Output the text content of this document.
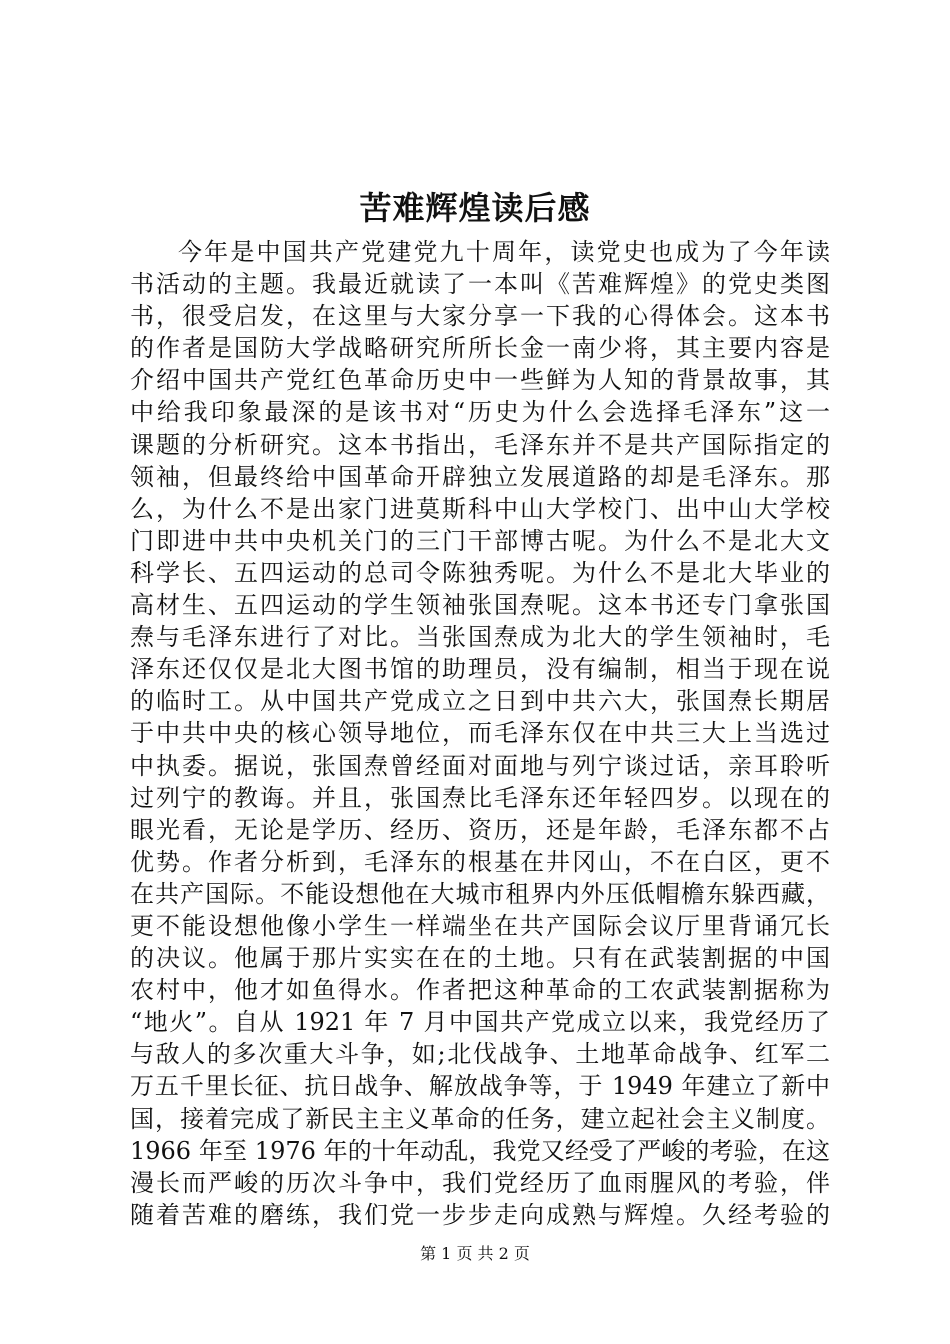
苦难辉煌读后感
今年是中国共产党建党九十周年，读党史也成为了今年读
书活动的主题。我最近就读了一本叫《苦难辉煌》的党史类图
书，很受启发，在这里与大家分享一下我的心得体会。这本书
的作者是国防大学战略研究所所长金一南少将，其主要内容是
介绍中国共产党红色革命历史中一些鲜为人知的背景故事，其
中给我印象最深的是该书对“历史为什么会选择毛泽东”这一
课题的分析研究。这本书指出，毛泽东并不是共产国际指定的
领袖，但最终给中国革命开辟独立发展道路的却是毛泽东。那
么，为什么不是出家门进莫斯科中山大学校门、出中山大学校
门即进中共中央机关门的三门干部博古呢。为什么不是北大文
科学长、五四运动的总司令陈独秀呢。为什么不是北大毕业的
高材生、五四运动的学生领袖张国焘呢。这本书还专门拿张国
焘与毛泽东进行了对比。当张国焘成为北大的学生领袖时，毛
泽东还仅仅是北大图书馆的助理员，没有编制，相当于现在说
的临时工。从中国共产党成立之日到中共六大，张国焘长期居
于中共中央的核心领导地位，而毛泽东仅在中共三大上当选过
中执委。据说，张国焘曾经面对面地与列宁谈过话，亲耳聆听
过列宁的教诲。并且，张国焘比毛泽东还年轻四岁。以现在的
眼光看，无论是学历、经历、资历，还是年龄，毛泽东都不占
优势。作者分析到，毛泽东的根基在井冈山，不在白区，更不
在共产国际。不能设想他在大城市租界内外压低帽檐东躲西藏，
更不能设想他像小学生一样端坐在共产国际会议厅里背诵冗长
的决议。他属于那片实实在在的土地。只有在武装割据的中国
农村中，他才如鱼得水。作者把这种革命的工农武装割据称为
“地火”。自从 1921 年 7 月中国共产党成立以来，我党经历了
与敌人的多次重大斗争，如;北伐战争、土地革命战争、红军二
万五千里长征、抗日战争、解放战争等，于 1949 年建立了新中
国，接着完成了新民主主义革命的任务，建立起社会主义制度。
1966 年至 1976 年的十年动乱，我党又经受了严峻的考验，在这
漫长而严峻的历次斗争中，我们党经历了血雨腥风的考验，伴
随着苦难的磨练，我们党一步步走向成熟与辉煌。久经考验的
第 1 页 共 2 页
